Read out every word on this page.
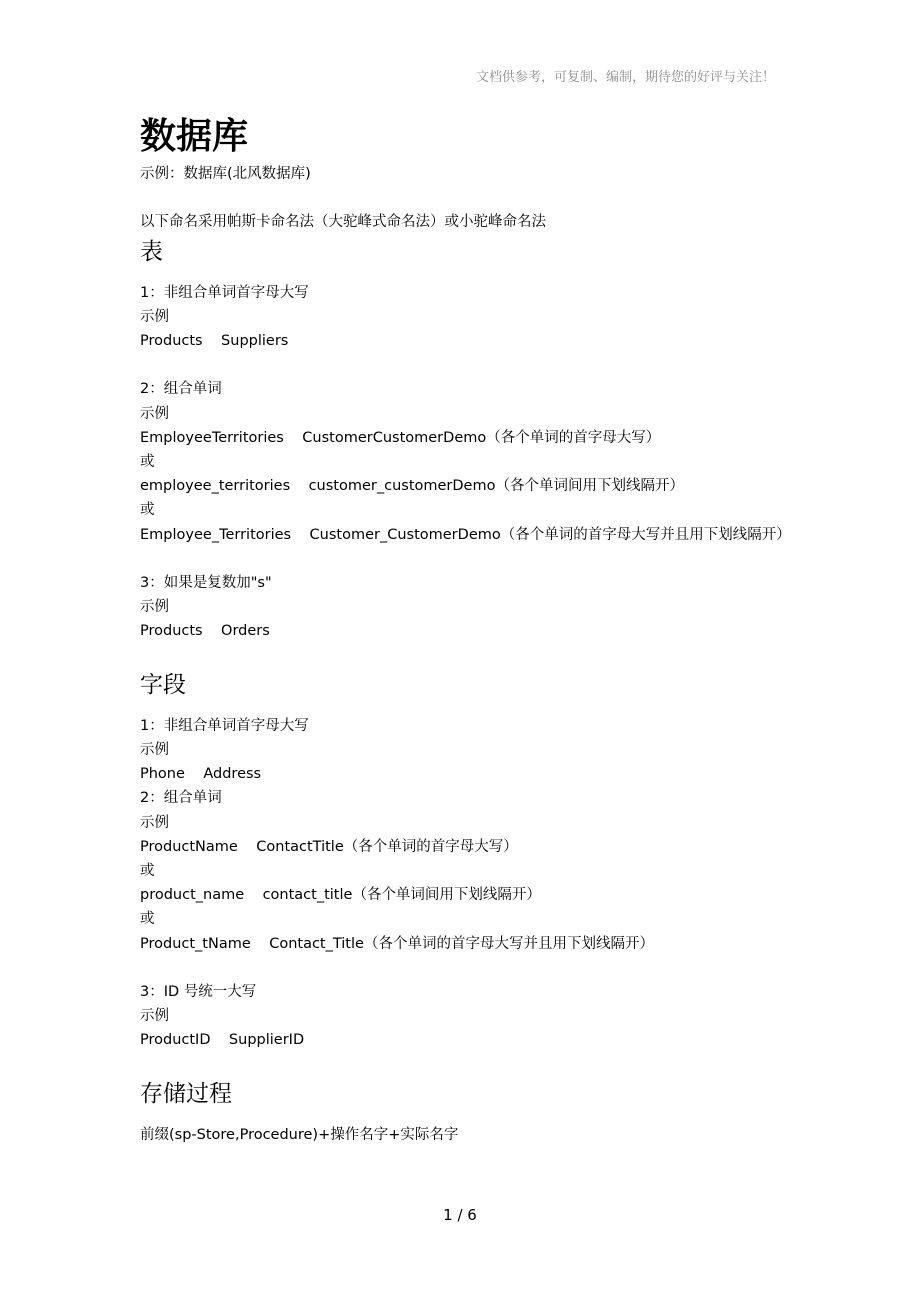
文档供参考，可复制、编制，期待您的好评与关注！
数据库

示例：数据库(北风数据库)

以下命名采用帕斯卡命名法（大驼峰式命名法）或小驼峰命名法

表

1：非组合单词首字母大写

示例

Products    Suppliers

2：组合单词

示例

EmployeeTerritories    CustomerCustomerDemo（各个单词的首字母大写）

或

employee_territories    customer_customerDemo（各个单词间用下划线隔开）

或

Employee_Territories    Customer_CustomerDemo（各个单词的首字母大写并且用下划线隔开）

3：如果是复数加"s"

示例

Products    Orders

字段

1：非组合单词首字母大写

示例

Phone    Address

2：组合单词

示例

ProductName    ContactTitle（各个单词的首字母大写）

或

product_name    contact_title（各个单词间用下划线隔开）

或

Product_tName    Contact_Title（各个单词的首字母大写并且用下划线隔开）

3：ID 号统一大写

示例

ProductID    SupplierID

存储过程

前缀(sp-Store,Procedure)+操作名字+实际名字

1 / 6
